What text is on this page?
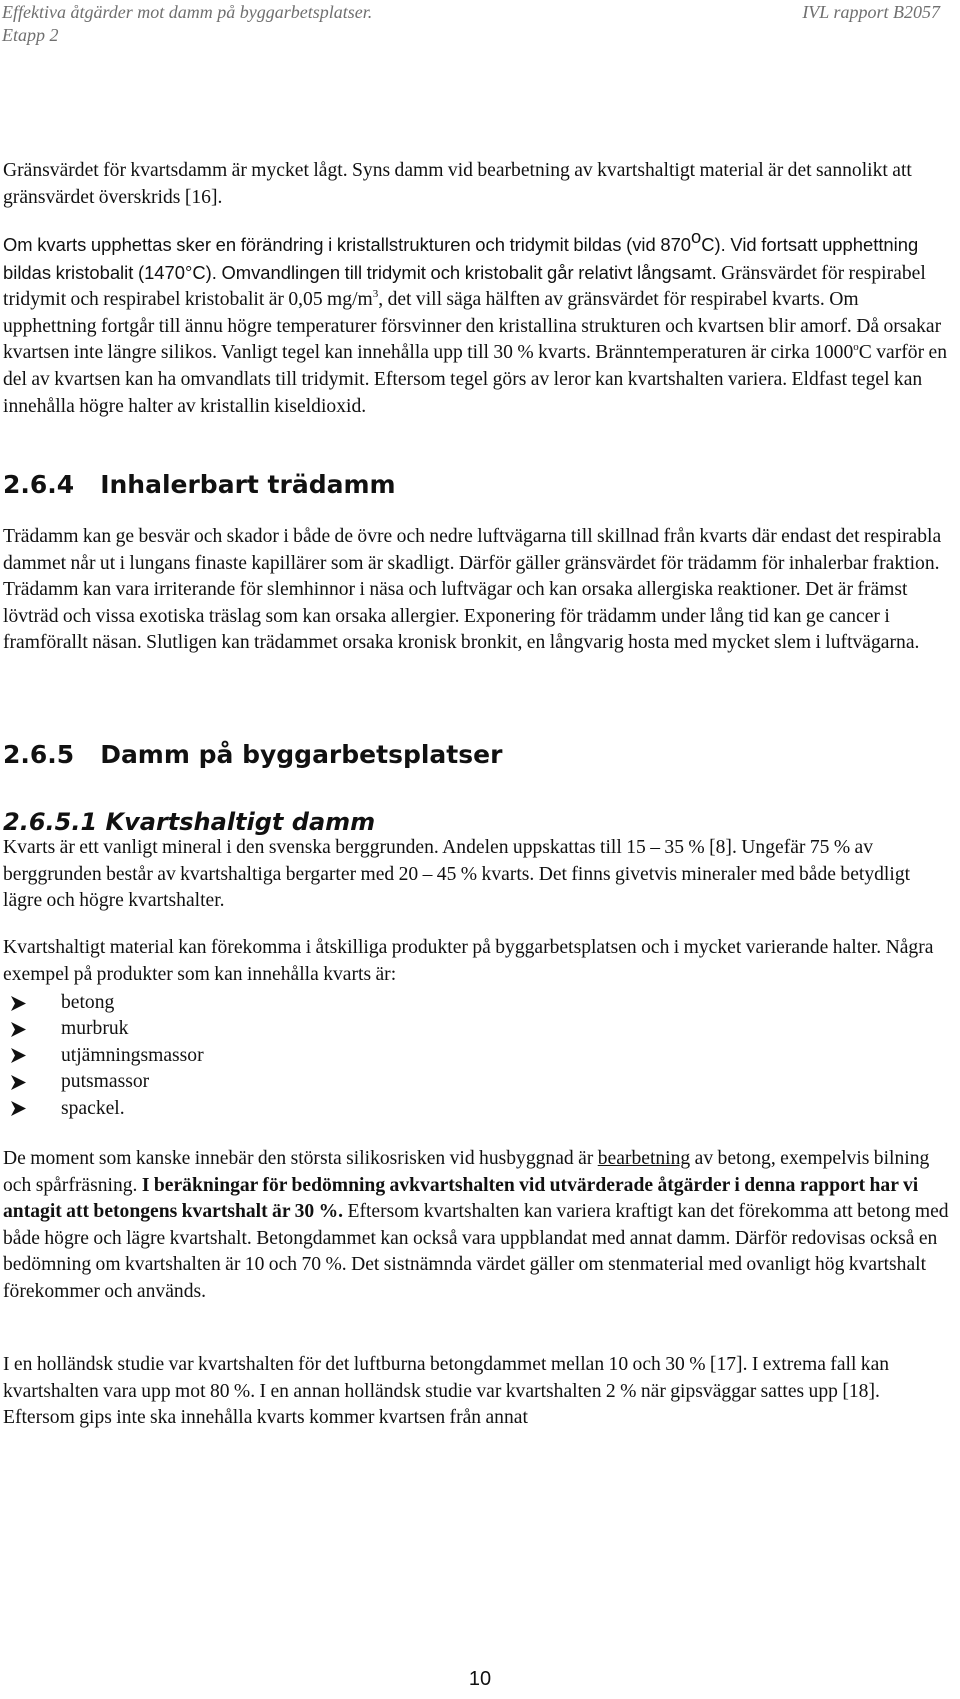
Effektiva åtgärder mot damm på byggarbetsplatser.
Etapp 2
IVL rapport B2057

Gränsvärdet för kvartsdamm är mycket lågt. Syns damm vid bearbetning av kvartshaltigt material är det sannolikt att gränsvärdet överskrids [16].

Om kvarts upphettas sker en förändring i kristallstrukturen och tridymit bildas (vid 870$^o$C). Vid fortsatt upphettning bildas kristobalit (1470°C). Omvandlingen till tridymit och kristobalit går relativt långsamt. Gränsvärdet för respirabel tridymit och respirabel kristobalit är 0,05 $mg/m^3$, det vill säga hälften av gränsvärdet för respirabel kvarts. Om upphettning fortgår till ännu högre temperaturer försvinner den kristallina strukturen och kvartsen blir amorf. Då orsakar kvartsen inte längre silikos. Vanligt tegel kan innehålla upp till 30 % kvarts. Bränntemperaturen är cirka 1000$^o$C varför en del av kvartsen kan ha omvandlats till tridymit. Eftersom tegel görs av leror kan kvartshalten variera. Eldfast tegel kan innehålla högre halter av kristallin kiseldioxid.

2.6.4 Inhalerbart trädamm

Trädamm kan ge besvär och skador i både de övre och nedre luftvägarna till skillnad från kvarts där endast det respirabla dammet når ut i lungans finaste kapillärer som är skadligt. Därför gäller gränsvärdet för trädamm för inhalerbar fraktion. Trädamm kan vara irriterande för slemhinnor i näsa och luftvägar och kan orsaka allergiska reaktioner. Det är främst lövträd och vissa exotiska träslag som kan orsaka allergier. Exponering för trädamm under lång tid kan ge cancer i framförallt näsan. Slutligen kan trädammet orsaka kronisk bronkit, en långvarig hosta med mycket slem i luftvägarna.

2.6.5 Damm på byggarbetsplatser
2.6.5.1 Kvartshaltigt damm

Kvarts är ett vanligt mineral i den svenska berggrunden. Andelen uppskattas till 15 – 35 % [8]. Ungefär 75 % av berggrunden består av kvartshaltiga bergarter med 20 – 45 % kvarts. Det finns givetvis mineraler med både betydligt lägre och högre kvartshalter.

Kvartshaltigt material kan förekomma i åtskilliga produkter på byggarbetsplatsen och i mycket varierande halter. Några exempel på produkter som kan innehålla kvarts är:

betong
murbruk
utjämningsmassor
putsmassor
spackel.

De moment som kanske innebär den största silikosrisken vid husbyggnad är bearbetning av betong, exempelvis bilning och spårfräsning. I beräkningar för bedömning avkvartshalten vid utvärderade åtgärder i denna rapport har vi antagit att betongens kvartshalt är 30 %. Eftersom kvartshalten kan variera kraftigt kan det förekomma att betong med både högre och lägre kvartshalt. Betongdammet kan också vara uppblandat med annat damm. Därför redovisas också en bedömning om kvartshalten är 10 och 70 %. Det sistnämnda värdet gäller om stenmaterial med ovanligt hög kvartshalt förekommer och används.

I en holländsk studie var kvartshalten för det luftburna betongdammet mellan 10 och 30 % [17]. I extrema fall kan kvartshalten vara upp mot 80 %. I en annan holländsk studie var kvartshalten 2 % när gipsväggar sattes upp [18]. Eftersom gips inte ska innehålla kvarts kommer kvartsen från annat

10
